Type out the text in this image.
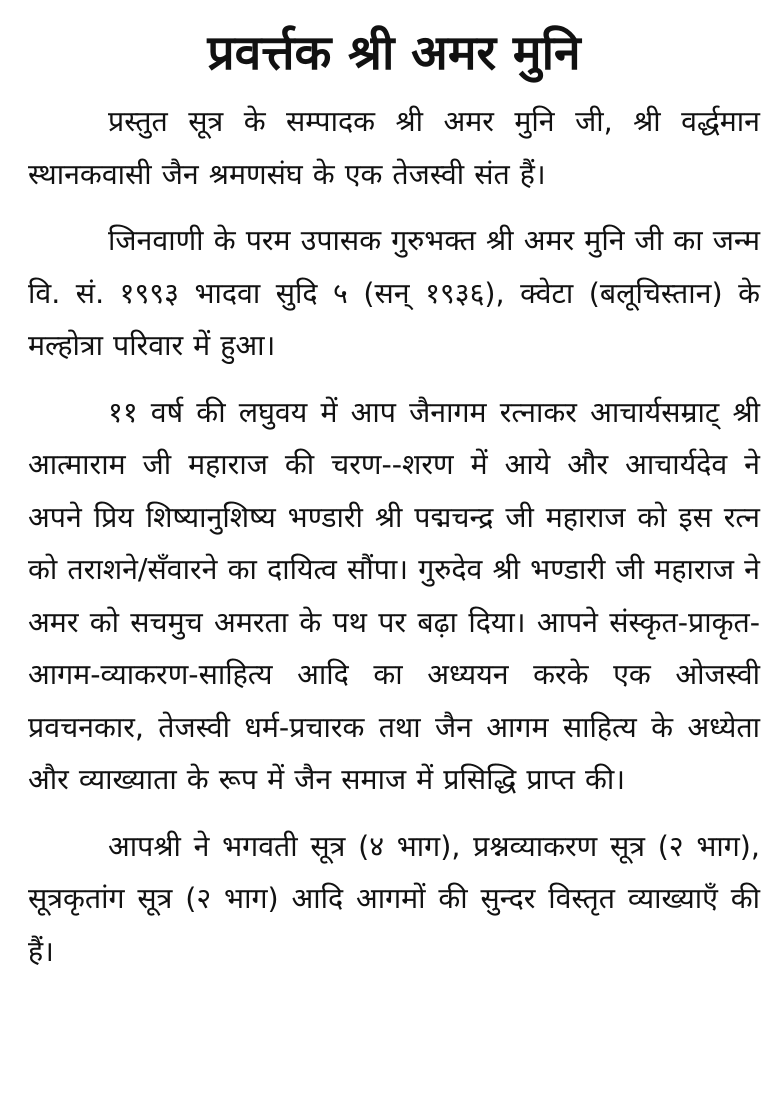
प्रवर्त्तक श्री अमर मुनि

प्रस्तुत सूत्र के सम्पादक श्री अमर मुनि जी, श्री वर्द्धमान स्थानकवासी जैन श्रमणसंघ के एक तेजस्वी संत हैं।

जिनवाणी के परम उपासक गुरुभक्त श्री अमर मुनि जी का जन्म वि. सं. १९९३ भादवा सुदि ५ (सन् १९३६), क्वेटा (बलूचिस्तान) के मल्होत्रा परिवार में हुआ।

११ वर्ष की लघुवय में आप जैनागम रत्नाकर आचार्यसम्राट् श्री आत्माराम जी महाराज की चरण--शरण में आये और आचार्यदेव ने अपने प्रिय शिष्यानुशिष्य भण्डारी श्री पद्मचन्द्र जी महाराज को इस रत्न को तराशने/सँवारने का दायित्व सौंपा। गुरुदेव श्री भण्डारी जी महाराज ने अमर को सचमुच अमरता के पथ पर बढ़ा दिया। आपने संस्कृत-प्राकृत-आगम-व्याकरण-साहित्य आदि का अध्ययन करके एक ओजस्वी प्रवचनकार, तेजस्वी धर्म-प्रचारक तथा जैन आगम साहित्य के अध्येता और व्याख्याता के रूप में जैन समाज में प्रसिद्धि प्राप्त की।

आपश्री ने भगवती सूत्र (४ भाग), प्रश्नव्याकरण सूत्र (२ भाग), सूत्रकृतांग सूत्र (२ भाग) आदि आगमों की सुन्दर विस्तृत व्याख्याएँ की हैं।
